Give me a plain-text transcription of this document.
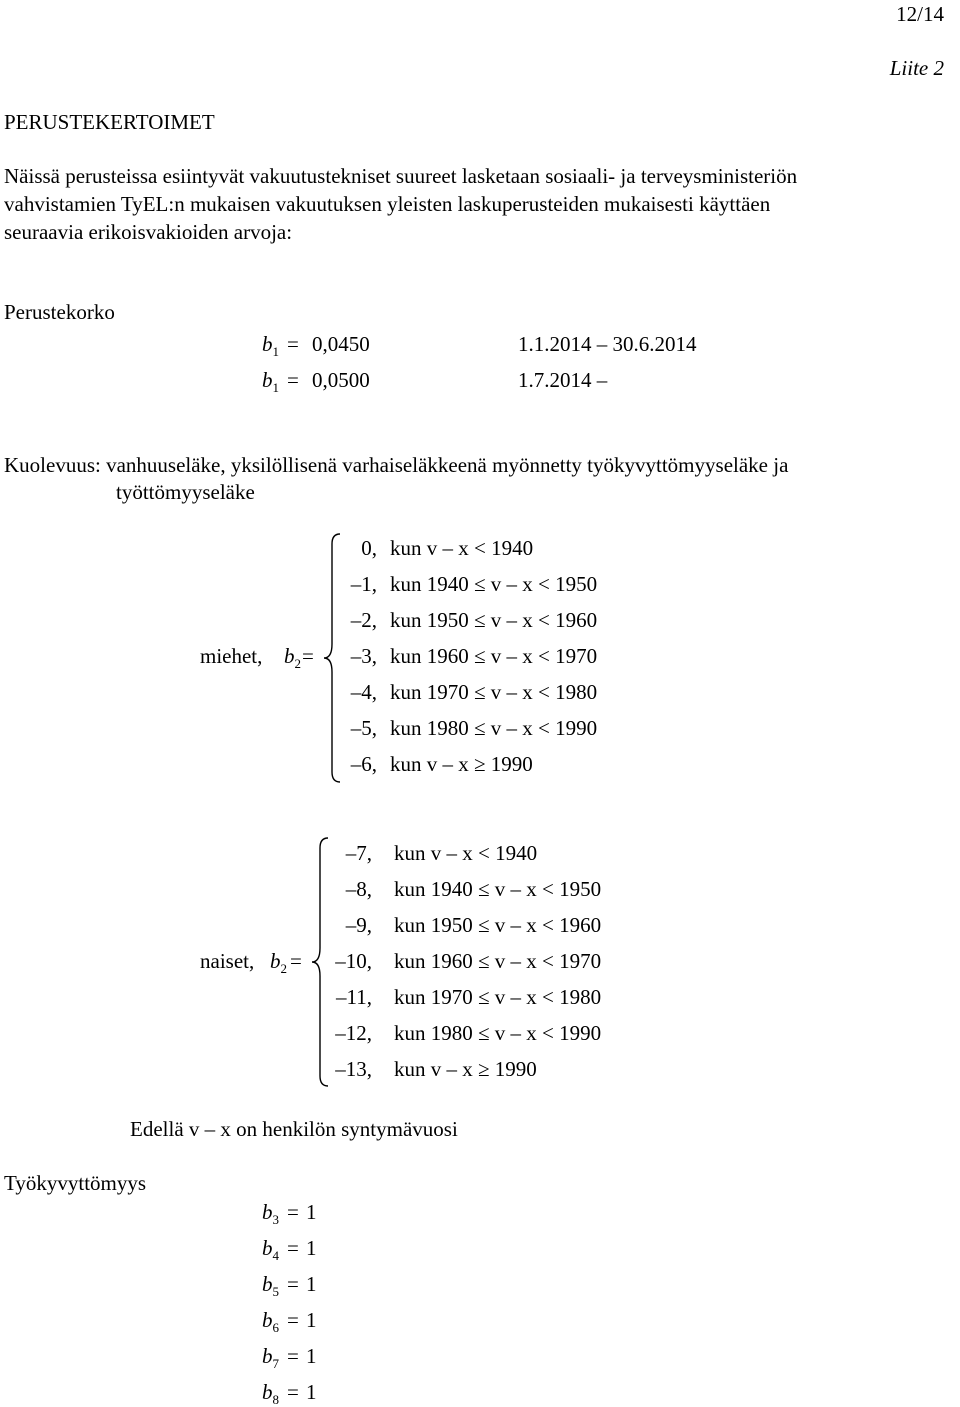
12/14
Liite 2
PERUSTEKERTOIMET
Näissä perusteissa esiintyvät vakuutustekniset suureet lasketaan sosiaali- ja terveysministeriön
vahvistamien TyEL:n mukaisen vakuutuksen yleisten laskuperusteiden mukaisesti käyttäen
seuraavia erikoisvakioiden arvoja:
Perustekorko
$b_1 = 0,0450$	1.1.2014 – 30.6.2014
$b_1 = 0,0500$	1.7.2014 –
Kuolevuus: vanhuuseläke, yksilöllisenä varhaiseläkkeenä myönnetty työkyvyttömyyseläke ja
työttömyyseläke
miehet, $b_2$ =
0, kun v – x < 1940
–1, kun 1940 ≤ v – x < 1950
–2, kun 1950 ≤ v – x < 1960
–3, kun 1960 ≤ v – x < 1970
–4, kun 1970 ≤ v – x < 1980
–5, kun 1980 ≤ v – x < 1990
–6, kun v – x ≥ 1990
naiset, $b_2$ =
–7, kun v – x < 1940
–8, kun 1940 ≤ v – x < 1950
–9, kun 1950 ≤ v – x < 1960
–10, kun 1960 ≤ v – x < 1970
–11, kun 1970 ≤ v – x < 1980
–12, kun 1980 ≤ v – x < 1990
–13, kun v – x ≥ 1990
Edellä v – x on henkilön syntymävuosi
Työkyvyttömyys
$b_3 = 1$
$b_4 = 1$
$b_5 = 1$
$b_6 = 1$
$b_7 = 1$
$b_8 = 1$
